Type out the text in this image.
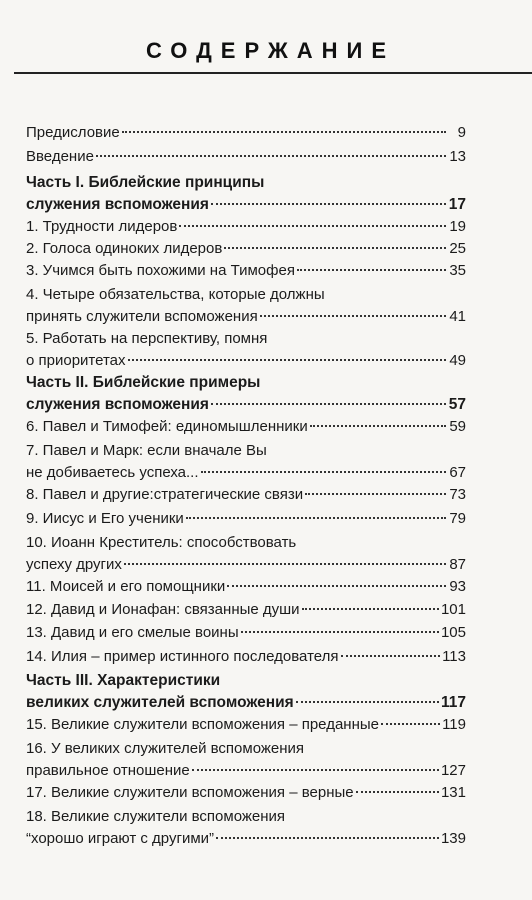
СОДЕРЖАНИЕ
Предисловие	9
Введение	13
Часть I. Библейские принципы
служения вспоможения	17
1. Трудности лидеров	19
2. Голоса одиноких лидеров	25
3. Учимся быть похожими на Тимофея	35
4. Четыре обязательства, которые должны
принять служители вспоможения	41
5. Работать на перспективу, помня
о приоритетах	49
Часть II. Библейские примеры
служения вспоможения	57
6. Павел и Тимофей: единомышленники	59
7. Павел и Марк: если вначале Вы
не добиваетесь успеха...	67
8. Павел и другие:стратегические связи	73
9. Иисус и Его ученики	79
10. Иоанн Креститель: способствовать
успеху других	87
11. Моисей и его помощники	93
12. Давид и Ионафан: связанные души	101
13. Давид и его смелые воины	105
14. Илия – пример истинного последователя	113
Часть III. Характеристики
великих служителей вспоможения	117
15. Великие служители вспоможения – преданные	119
16. У великих служителей вспоможения
правильное отношение	127
17. Великие служители вспоможения – верные	131
18. Великие служители вспоможения
“хорошо играют с другими”	139
